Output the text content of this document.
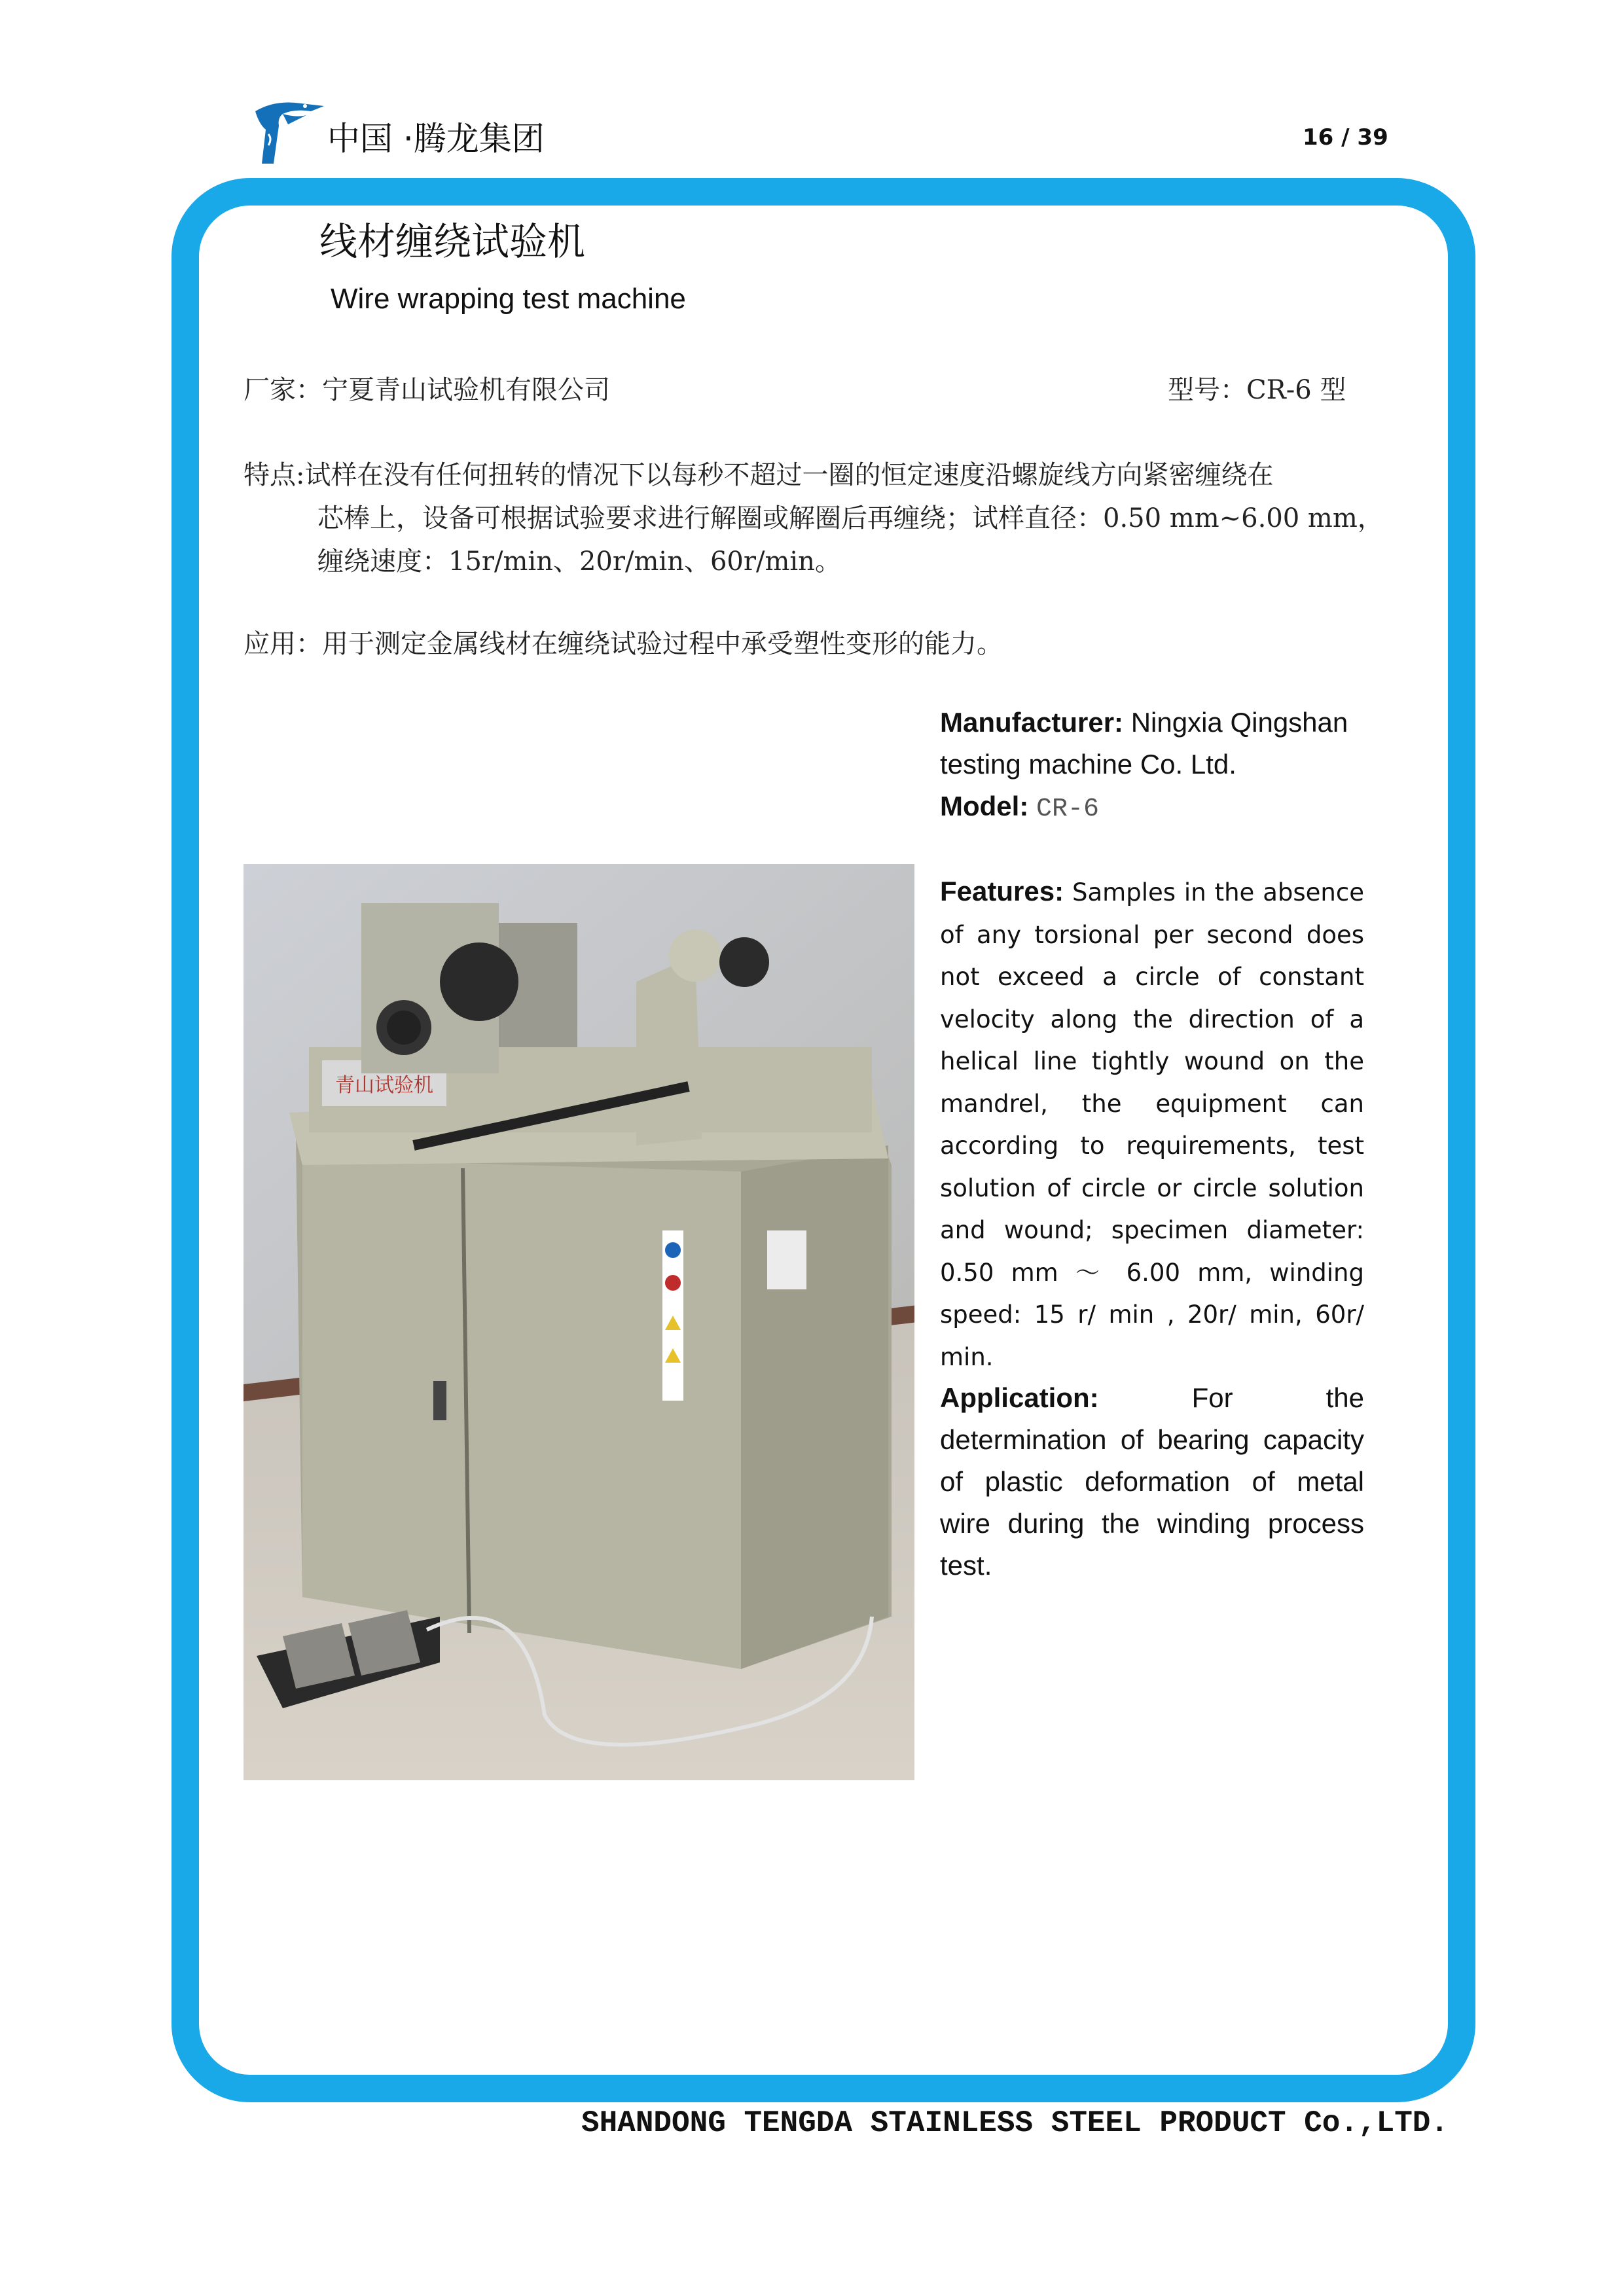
中国 ·腾龙集团	16 / 39
线材缠绕试验机
Wire wrapping test machine
厂家：宁夏青山试验机有限公司	型号：CR-6 型
特点:试样在没有任何扭转的情况下以每秒不超过一圈的恒定速度沿螺旋线方向紧密缠绕在
芯棒上，设备可根据试验要求进行解圈或解圈后再缠绕；试样直径：0.50 mm~6.00 mm，
缠绕速度：15r/min、20r/min、60r/min。
应用：用于测定金属线材在缠绕试验过程中承受塑性变形的能力。
青山试验机
Manufacturer: Ningxia Qingshan testing machine Co. Ltd.
Model: CR-6
Features: Samples in the absence of any torsional per second does not exceed a circle of constant velocity along the direction of a helical line tightly wound on the mandrel, the equipment can according to requirements, test solution of circle or circle solution and wound; specimen diameter: 0.50 mm ～ 6.00 mm, winding speed: 15 r/ min , 20r/ min, 60r/ min.
Application:	For the determination of bearing capacity of plastic deformation of metal wire during the winding process test.
SHANDONG TENGDA STAINLESS STEEL PRODUCT Co.,LTD.
